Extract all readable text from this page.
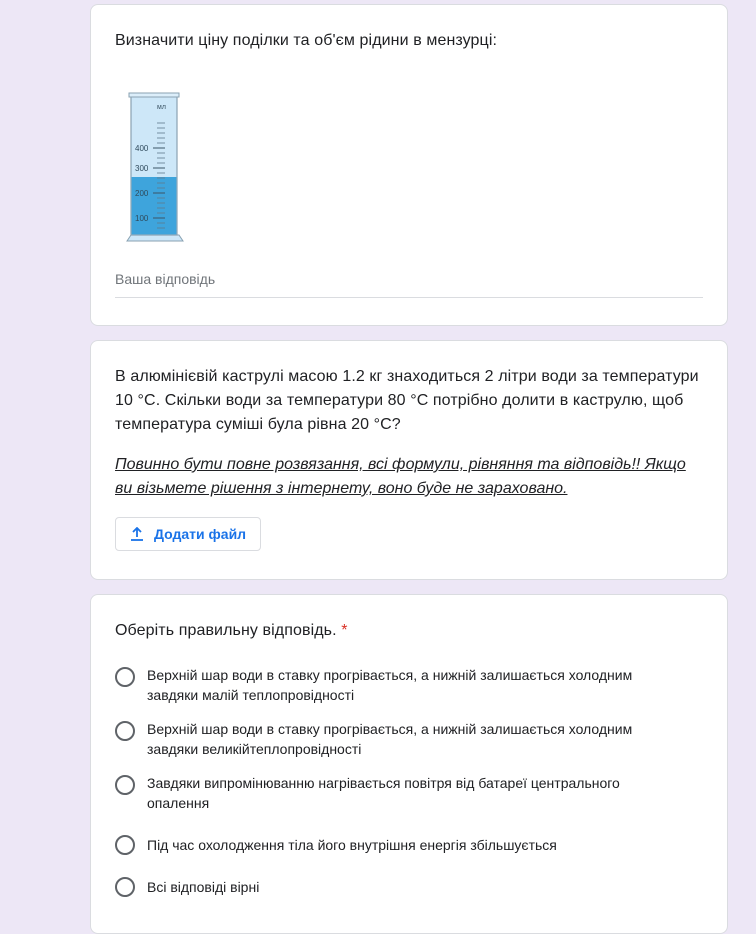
Визначити ціну поділки та об'єм рідини в мензурці:
мл
400
300
200
100
Ваша відповідь
В алюмінієвій каструлі масою 1.2 кг знаходиться 2 літри води за температури 10 °C. Скільки води за температури 80 °C потрібно долити в каструлю, щоб температура суміші була рівна 20 °C?
Повинно бути повне розвязання, всі формули, рівняння та відповідь!! Якщо ви візьмете рішення з інтернету, воно буде не зараховано.
Додати файл
Оберіть правильну відповідь. *
Верхній шар води в ставку прогрівається, а нижній залишається холодним завдяки малій теплопровідності
Верхній шар води в ставку прогрівається, а нижній залишається холодним завдяки великійтеплопровідності
Завдяки випромінюванню нагрівається повітря від батареї центрального опалення
Під час охолодження тіла його внутрішня енергія збільшується
Всі відповіді вірні
